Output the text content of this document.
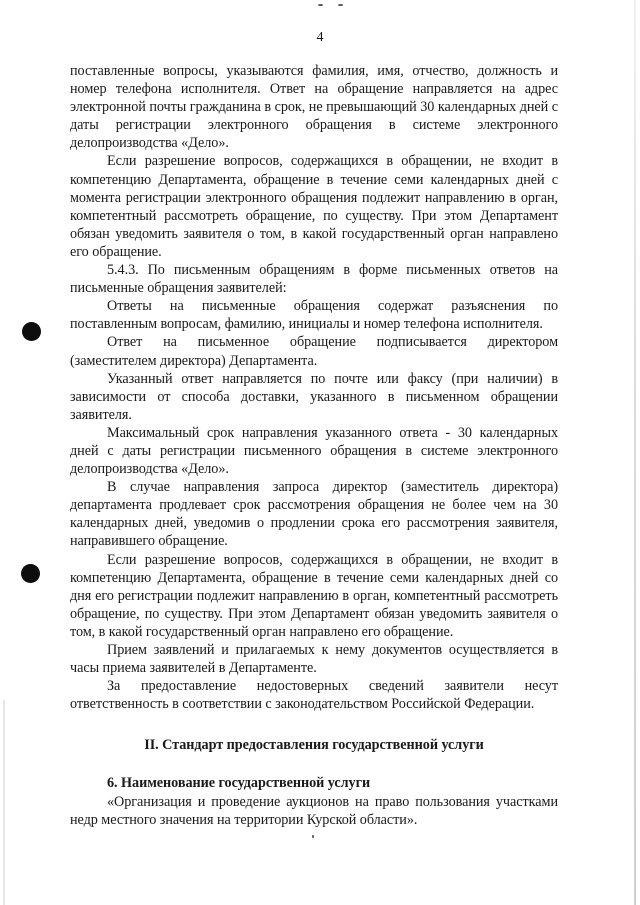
4

поставленные вопросы, указываются фамилия, имя, отчество, должность и номер телефона исполнителя. Ответ на обращение направляется на адрес электронной почты гражданина в срок, не превышающий 30 календарных дней с даты регистрации электронного обращения в системе электронного делопроизводства «Дело».

Если разрешение вопросов, содержащихся в обращении, не входит в компетенцию Департамента, обращение в течение семи календарных дней с момента регистрации электронного обращения подлежит направлению в орган, компетентный рассмотреть обращение, по существу. При этом Департамент обязан уведомить заявителя о том, в какой государственный орган направлено его обращение.

5.4.3. По письменным обращениям в форме письменных ответов на письменные обращения заявителей:

Ответы на письменные обращения содержат разъяснения по поставленным вопросам, фамилию, инициалы и номер телефона исполнителя.

Ответ на письменное обращение подписывается директором (заместителем директора) Департамента.

Указанный ответ направляется по почте или факсу (при наличии) в зависимости от способа доставки, указанного в письменном обращении заявителя.

Максимальный срок направления указанного ответа - 30 календарных дней с даты регистрации письменного обращения в системе электронного делопроизводства «Дело».

В случае направления запроса директор (заместитель директора) департамента продлевает срок рассмотрения обращения не более чем на 30 календарных дней, уведомив о продлении срока его рассмотрения заявителя, направившего обращение.

Если разрешение вопросов, содержащихся в обращении, не входит в компетенцию Департамента, обращение в течение семи календарных дней со дня его регистрации подлежит направлению в орган, компетентный рассмотреть обращение, по существу. При этом Департамент обязан уведомить заявителя о том, в какой государственный орган направлено его обращение.

Прием заявлений и прилагаемых к нему документов осуществляется в часы приема заявителей в Департаменте.

За предоставление недостоверных сведений заявители несут ответственность в соответствии с законодательством Российской Федерации.

II. Стандарт предоставления государственной услуги

6. Наименование государственной услуги

«Организация и проведение аукционов на право пользования участками недр местного значения на территории Курской области».
